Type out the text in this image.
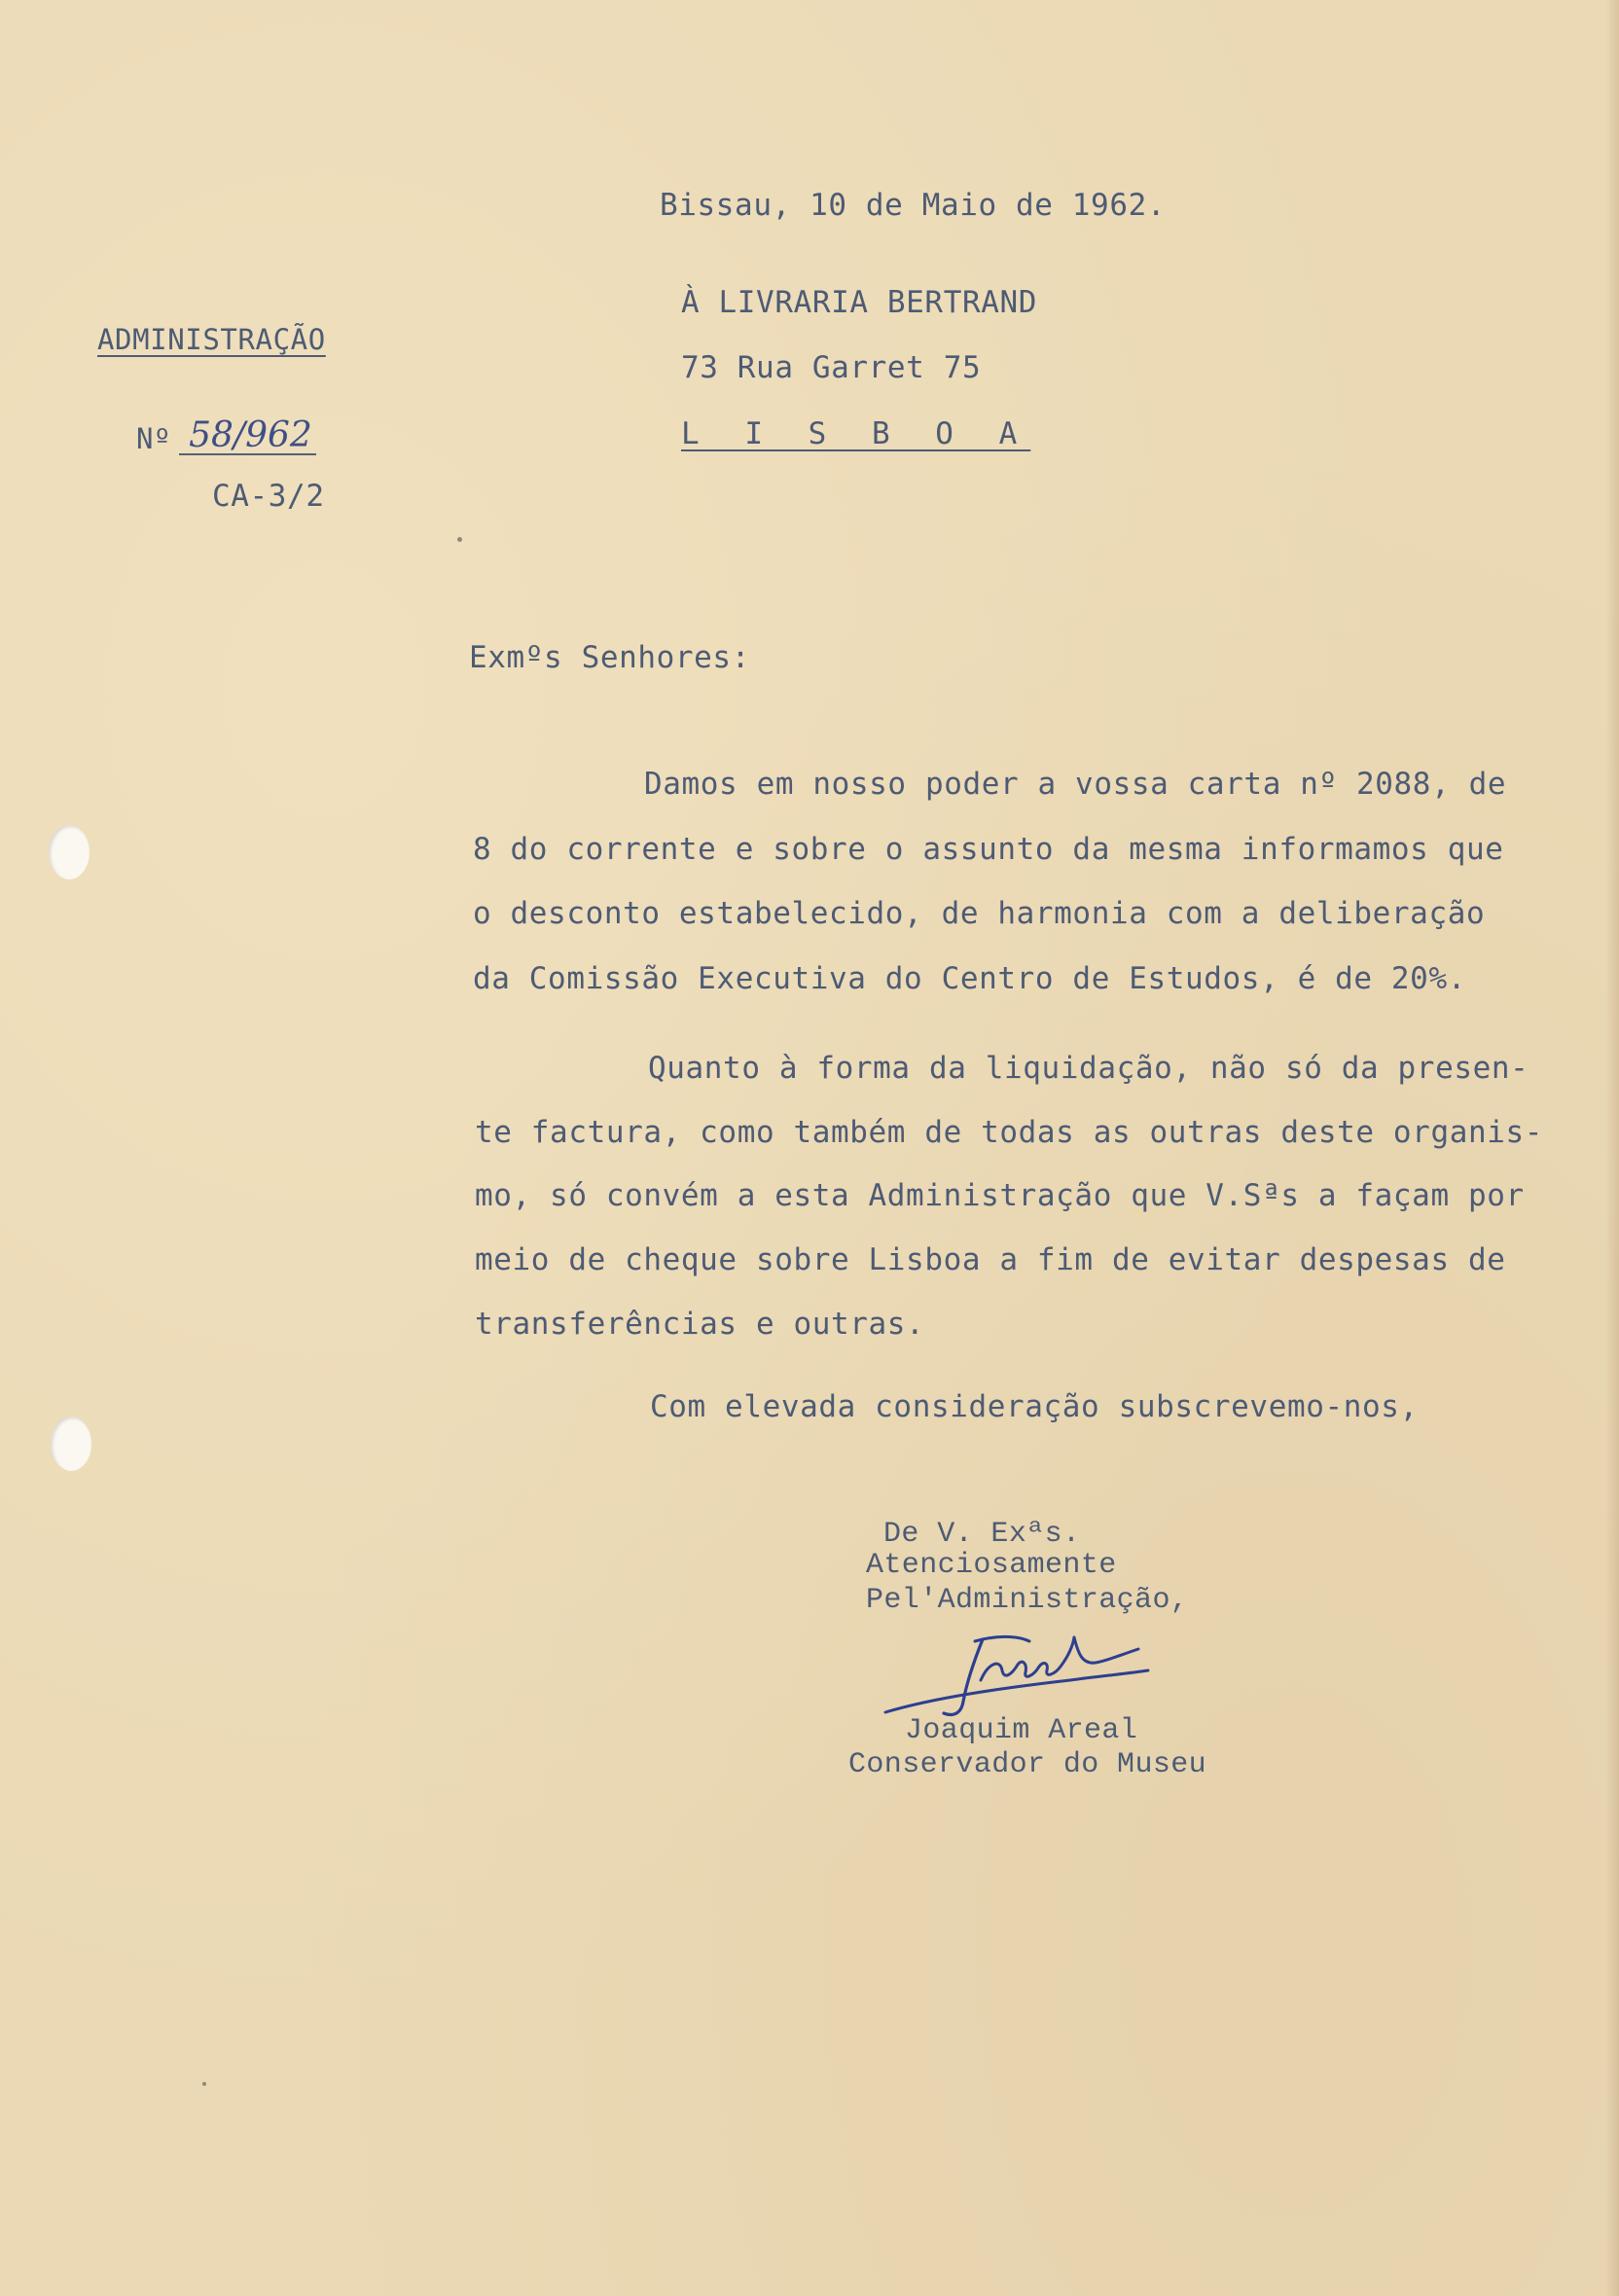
Bissau, 10 de Maio de 1962.
À LIVRARIA BERTRAND
73 Rua Garret 75
L I S B O A
ADMINISTRAÇÃO
Nº 58/962
CA-3/2
Exmºs Senhores:
Damos em nosso poder a vossa carta nº 2088, de
8 do corrente e sobre o assunto da mesma informamos que
o desconto estabelecido, de harmonia com a deliberação
da Comissão Executiva do Centro de Estudos, é de 20%.
Quanto à forma da liquidação, não só da presen-
te factura, como também de todas as outras deste organis-
mo, só convém a esta Administração que V.Sªs a façam por
meio de cheque sobre Lisboa a fim de evitar despesas de
transferências e outras.
Com elevada consideração subscrevemo-nos,
De V. Exªs.
Atenciosamente
Pel'Administração,
Joaquim Areal
Conservador do Museu
